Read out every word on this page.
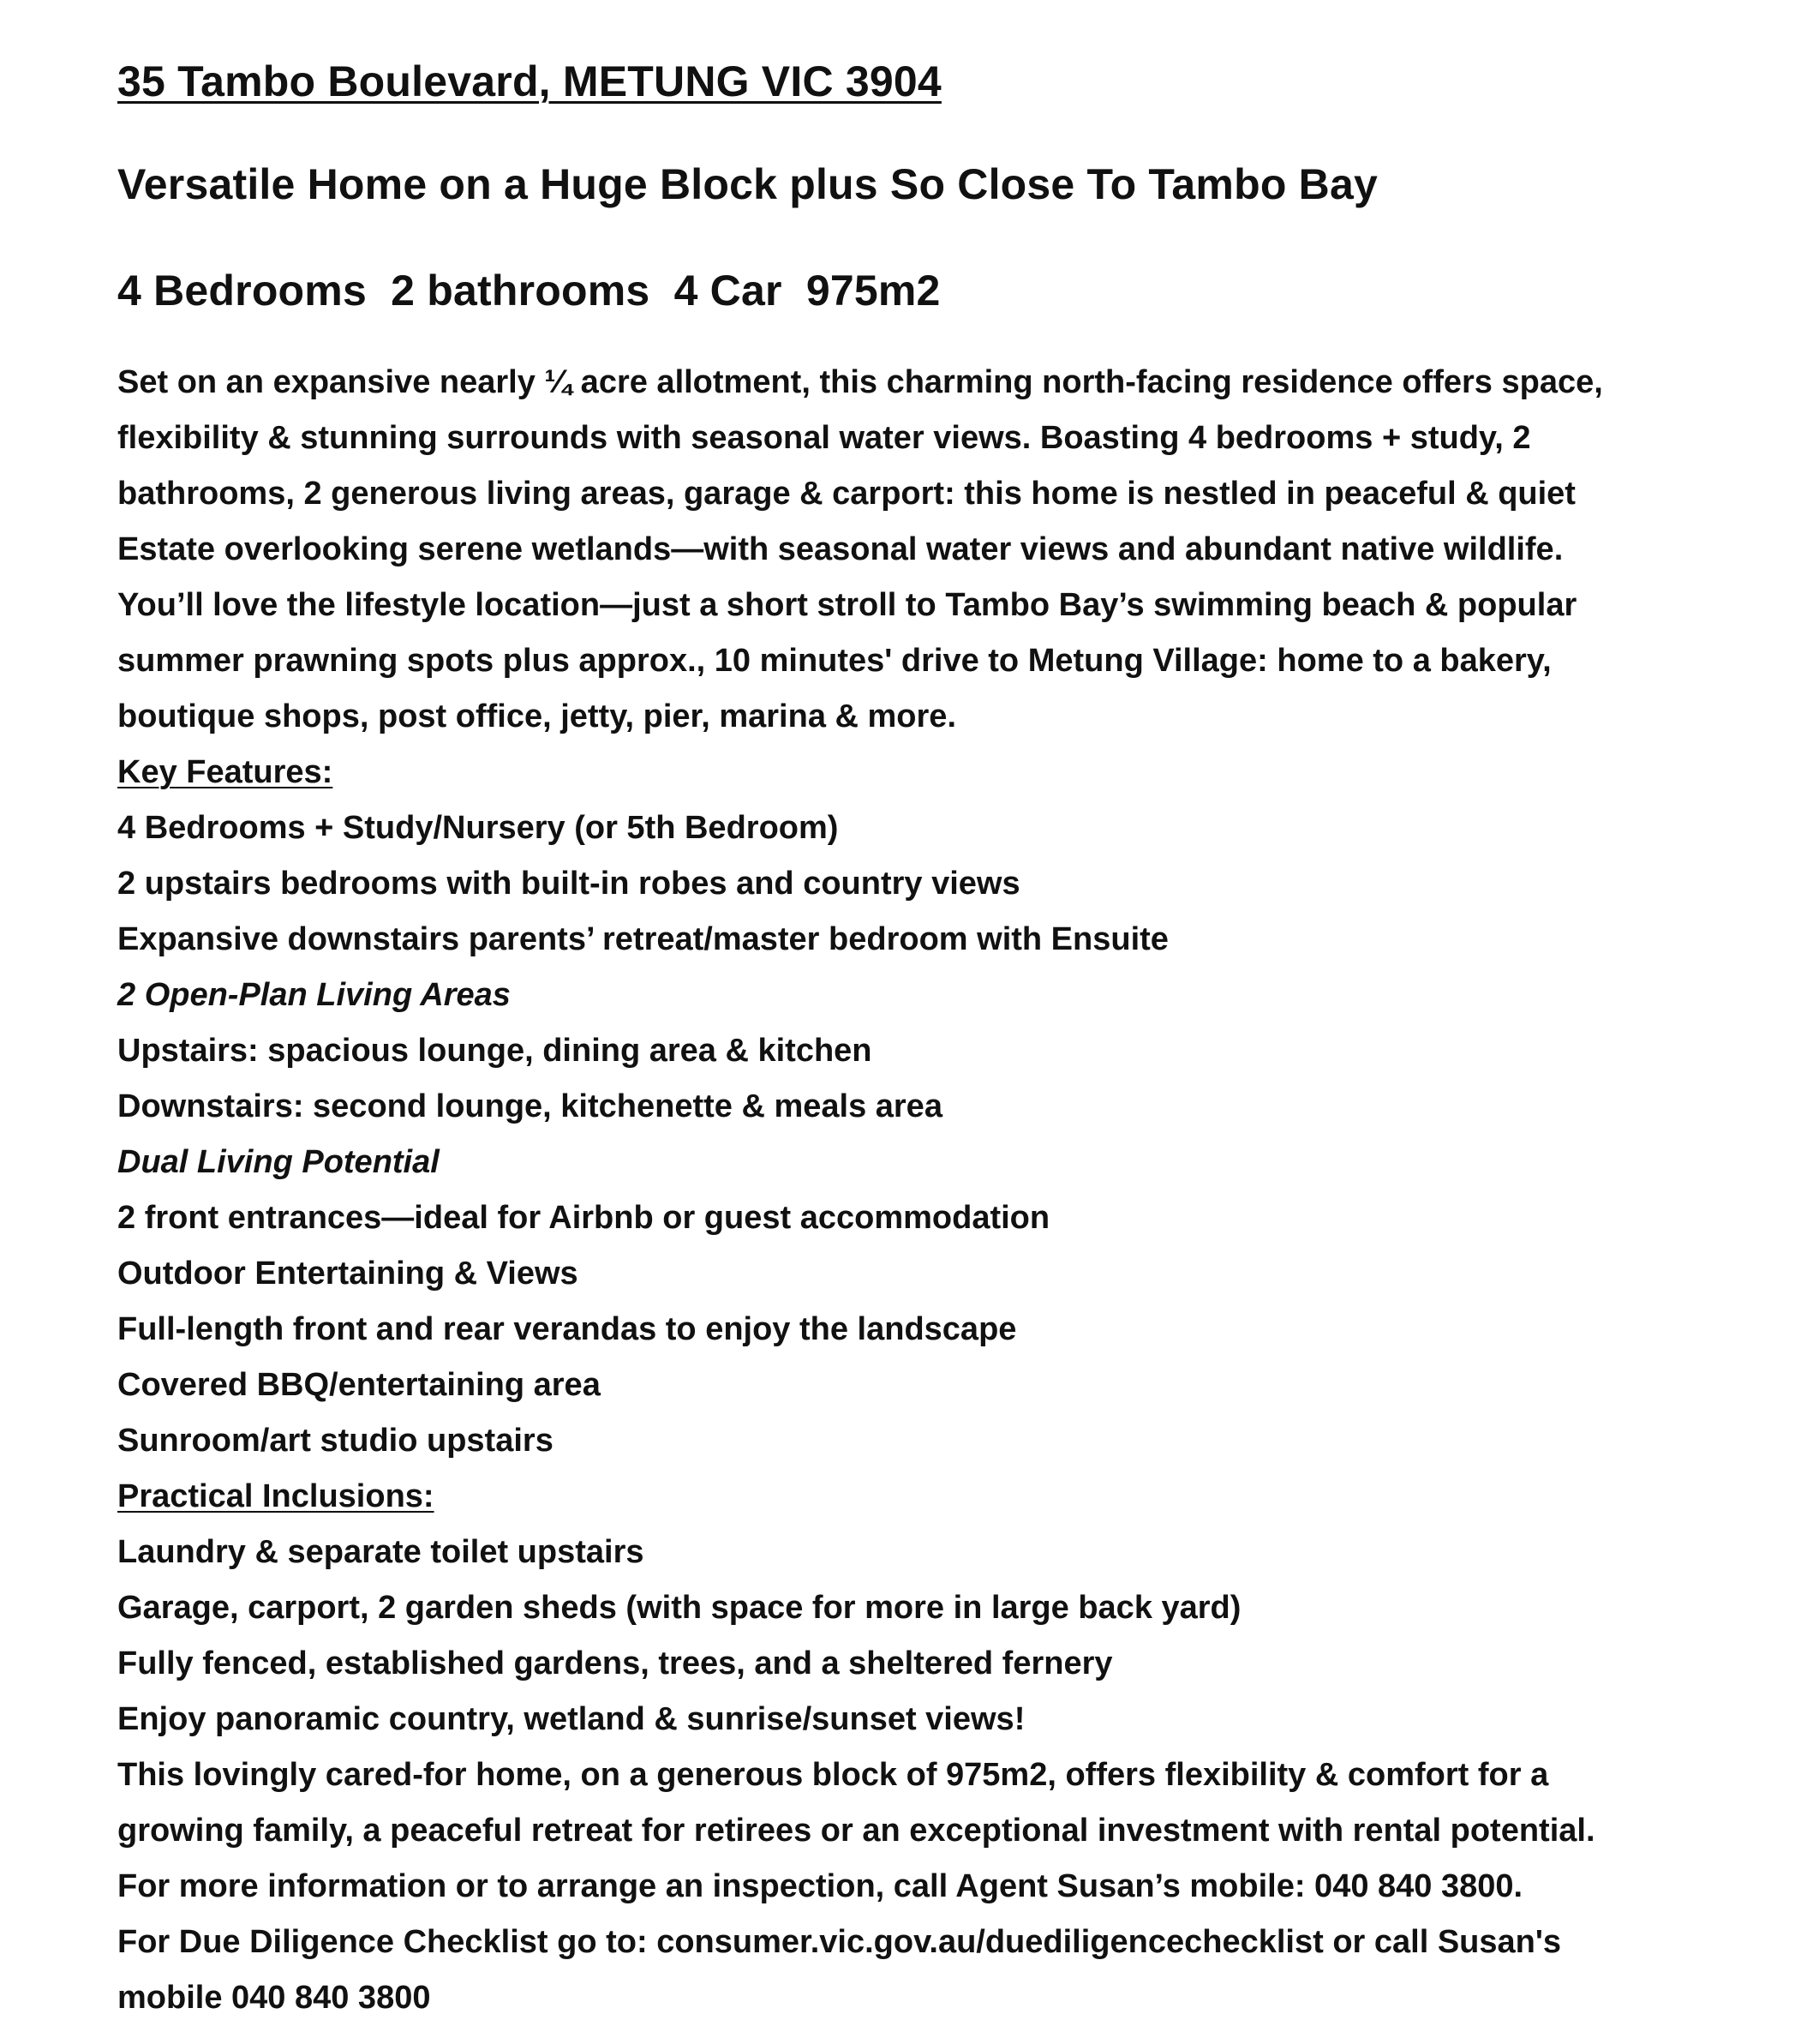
35 Tambo Boulevard, METUNG VIC 3904
Versatile Home on a Huge Block plus So Close To Tambo Bay
4 Bedrooms  2 bathrooms  4 Car  975m2
Set on an expansive nearly ¼ acre allotment, this charming north-facing residence offers space,
flexibility & stunning surrounds with seasonal water views. Boasting 4 bedrooms + study, 2
bathrooms, 2 generous living areas, garage & carport: this home is nestled in peaceful & quiet
Estate overlooking serene wetlands—with seasonal water views and abundant native wildlife.
You’ll love the lifestyle location—just a short stroll to Tambo Bay’s swimming beach & popular
summer prawning spots plus approx., 10 minutes' drive to Metung Village: home to a bakery,
boutique shops, post office, jetty, pier, marina & more.
Key Features:
4 Bedrooms + Study/Nursery (or 5th Bedroom)
2 upstairs bedrooms with built-in robes and country views
Expansive downstairs parents’ retreat/master bedroom with Ensuite
2 Open-Plan Living Areas
Upstairs: spacious lounge, dining area & kitchen
Downstairs: second lounge, kitchenette & meals area
Dual Living Potential
2 front entrances—ideal for Airbnb or guest accommodation
Outdoor Entertaining & Views
Full-length front and rear verandas to enjoy the landscape
Covered BBQ/entertaining area
Sunroom/art studio upstairs
Practical Inclusions:
Laundry & separate toilet upstairs
Garage, carport, 2 garden sheds (with space for more in large back yard)
Fully fenced, established gardens, trees, and a sheltered fernery
Enjoy panoramic country, wetland & sunrise/sunset views!
This lovingly cared-for home, on a generous block of 975m2, offers flexibility & comfort for a
growing family, a peaceful retreat for retirees or an exceptional investment with rental potential.
For more information or to arrange an inspection, call Agent Susan’s mobile: 040 840 3800.
For Due Diligence Checklist go to: consumer.vic.gov.au/duediligencechecklist or call Susan's
mobile 040 840 3800
